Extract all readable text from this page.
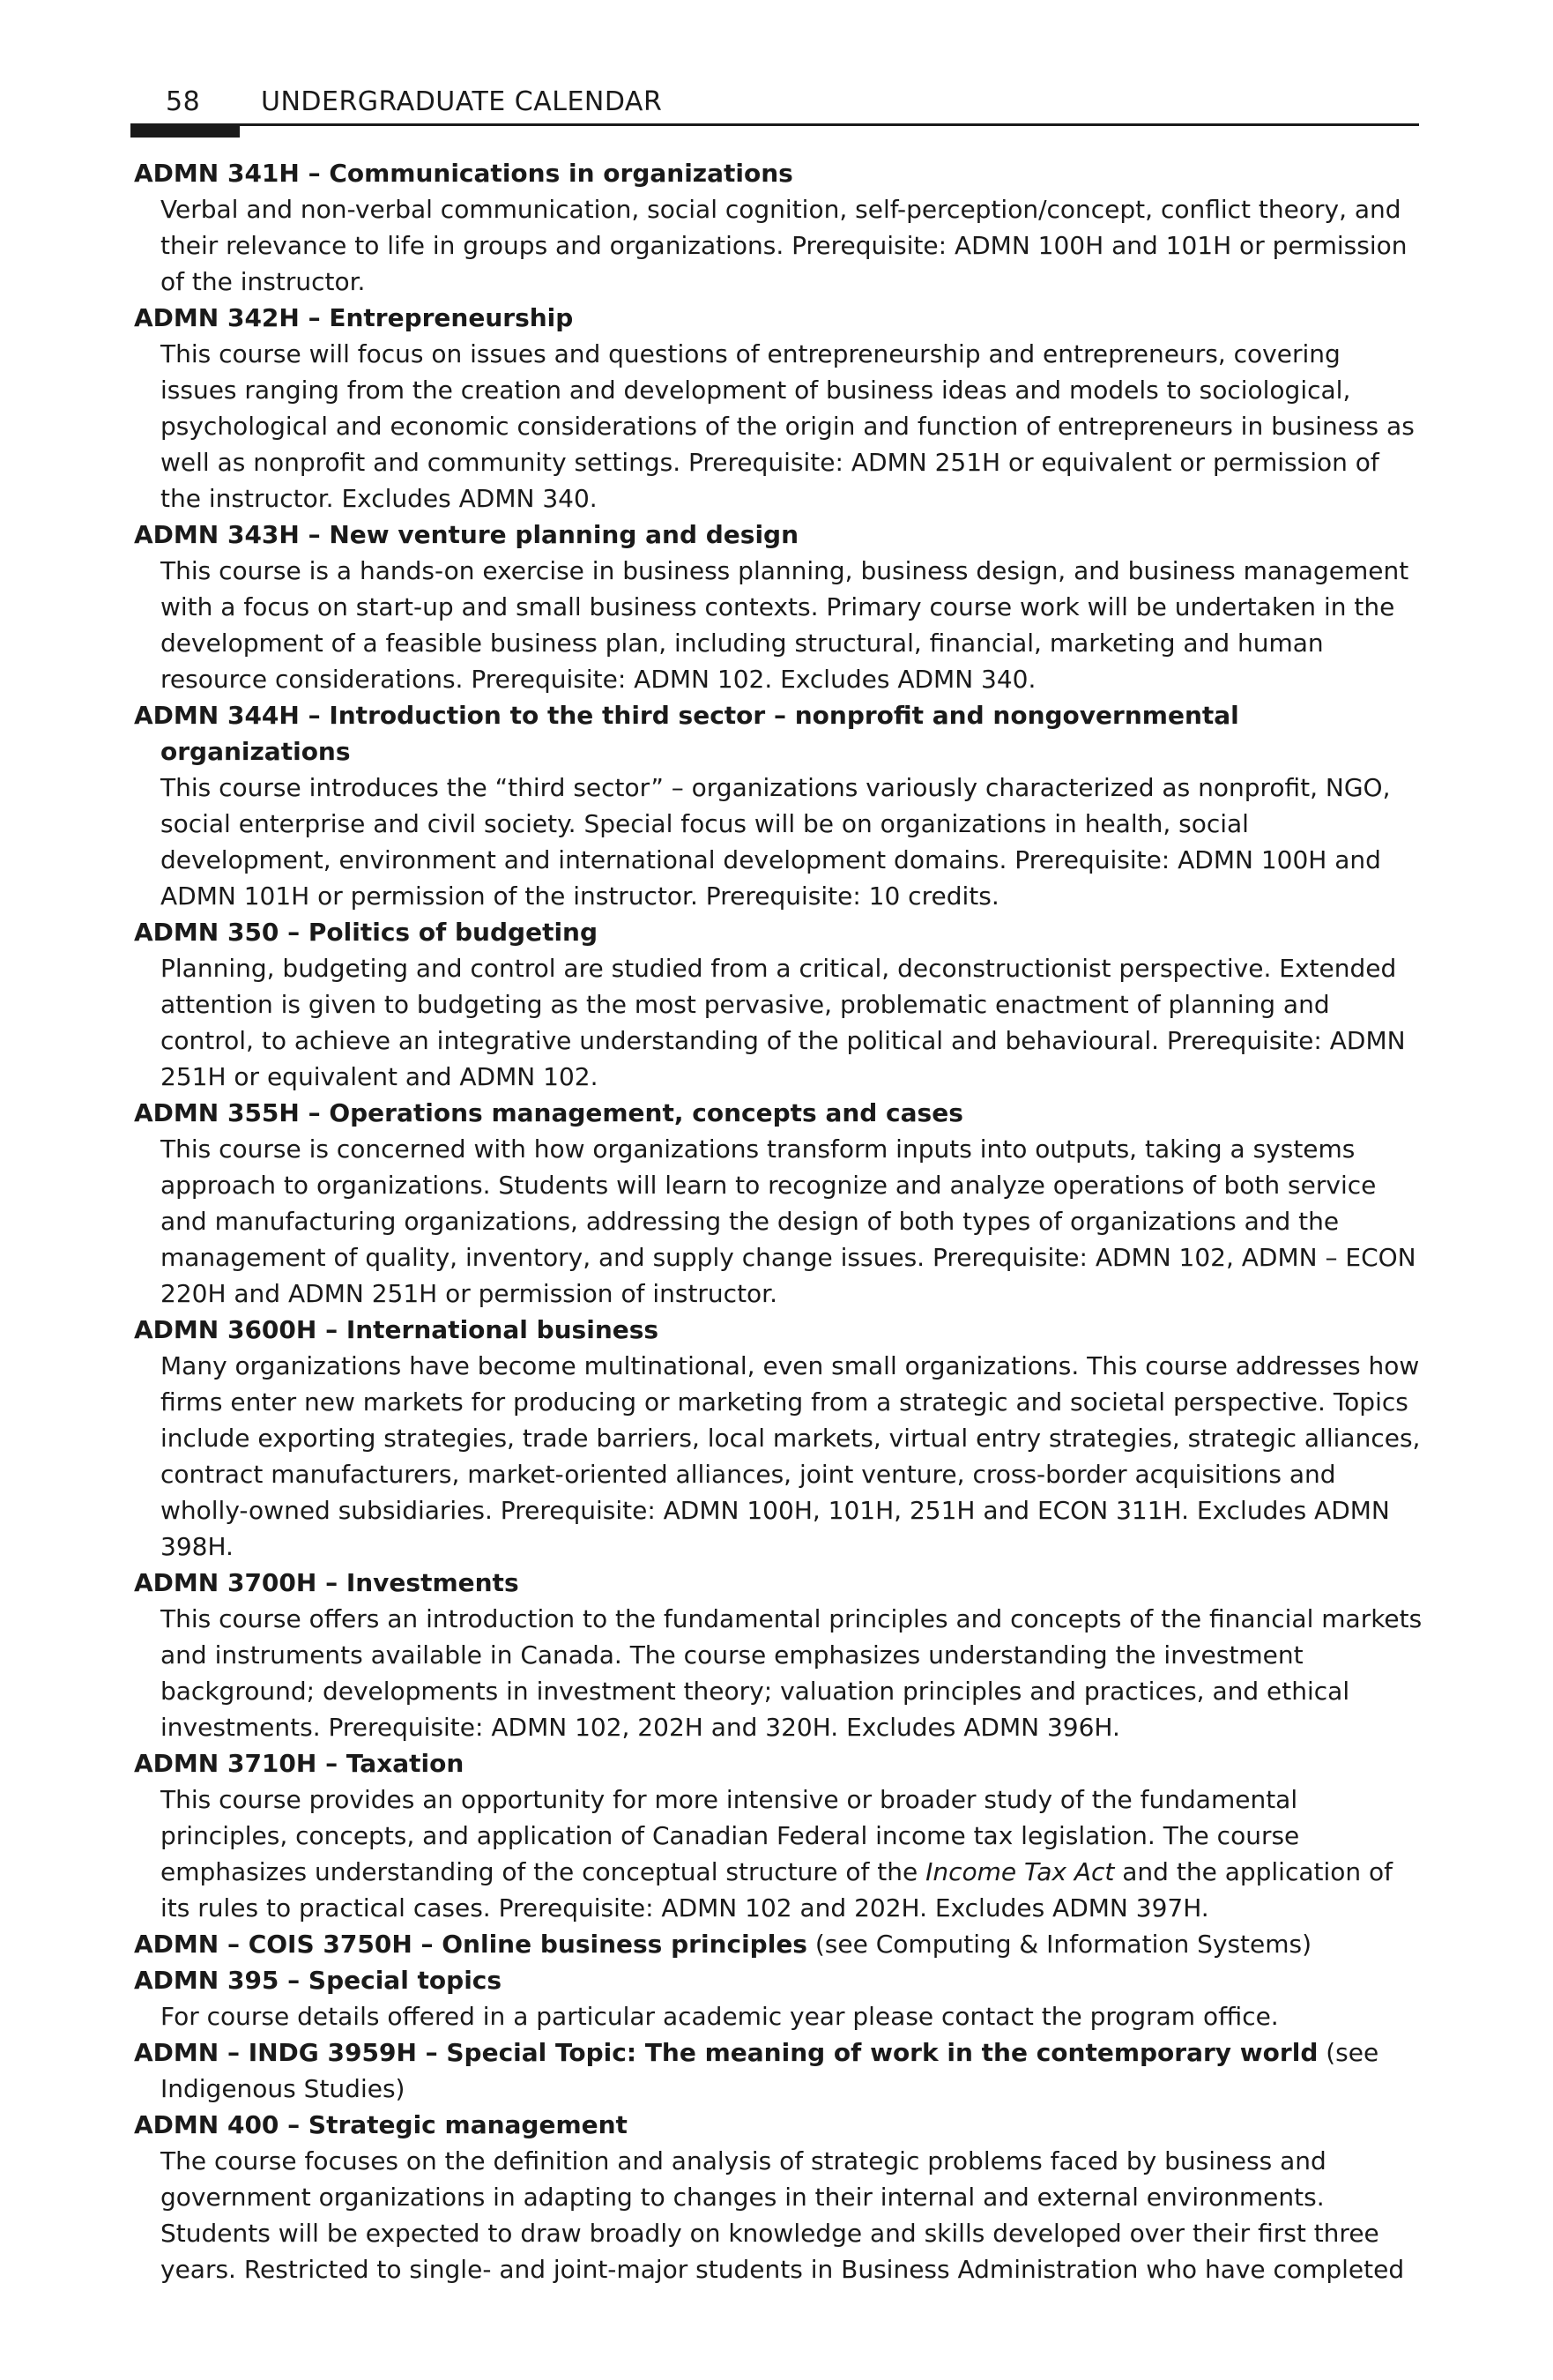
58 UNDERGRADUATE CALENDAR
ADMN 341H – Communications in organizations
Verbal and non-verbal communication, social cognition, self-perception/concept, conflict theory, and their relevance to life in groups and organizations. Prerequisite: ADMN 100H and 101H or permission of the instructor.
ADMN 342H – Entrepreneurship
This course will focus on issues and questions of entrepreneurship and entrepreneurs, covering issues ranging from the creation and development of business ideas and models to sociological, psychological and economic considerations of the origin and function of entrepreneurs in business as well as nonprofit and community settings. Prerequisite: ADMN 251H or equivalent or permission of the instructor. Excludes ADMN 340.
ADMN 343H – New venture planning and design
This course is a hands-on exercise in business planning, business design, and business management with a focus on start-up and small business contexts. Primary course work will be undertaken in the development of a feasible business plan, including structural, financial, marketing and human resource considerations. Prerequisite: ADMN 102. Excludes ADMN 340.
ADMN 344H – Introduction to the third sector – nonprofit and nongovernmental organizations
This course introduces the “third sector” – organizations variously characterized as nonprofit, NGO, social enterprise and civil society. Special focus will be on organizations in health, social development, environment and international development domains. Prerequisite: ADMN 100H and ADMN 101H or permission of the instructor. Prerequisite: 10 credits.
ADMN 350 – Politics of budgeting
Planning, budgeting and control are studied from a critical, deconstructionist perspective. Extended attention is given to budgeting as the most pervasive, problematic enactment of planning and control, to achieve an integrative understanding of the political and behavioural. Prerequisite: ADMN 251H or equivalent and ADMN 102.
ADMN 355H – Operations management, concepts and cases
This course is concerned with how organizations transform inputs into outputs, taking a systems approach to organizations. Students will learn to recognize and analyze operations of both service and manufacturing organizations, addressing the design of both types of organizations and the management of quality, inventory, and supply change issues. Prerequisite: ADMN 102, ADMN – ECON 220H and ADMN 251H or permission of instructor.
ADMN 3600H – International business
Many organizations have become multinational, even small organizations. This course addresses how firms enter new markets for producing or marketing from a strategic and societal perspective. Topics include exporting strategies, trade barriers, local markets, virtual entry strategies, strategic alliances, contract manufacturers, market-oriented alliances, joint venture, cross-border acquisitions and wholly-owned subsidiaries. Prerequisite: ADMN 100H, 101H, 251H and ECON 311H. Excludes ADMN 398H.
ADMN 3700H – Investments
This course offers an introduction to the fundamental principles and concepts of the financial markets and instruments available in Canada. The course emphasizes understanding the investment background; developments in investment theory; valuation principles and practices, and ethical investments. Prerequisite: ADMN 102, 202H and 320H. Excludes ADMN 396H.
ADMN 3710H – Taxation
This course provides an opportunity for more intensive or broader study of the fundamental principles, concepts, and application of Canadian Federal income tax legislation. The course emphasizes understanding of the conceptual structure of the Income Tax Act and the application of its rules to practical cases. Prerequisite: ADMN 102 and 202H. Excludes ADMN 397H.
ADMN – COIS 3750H – Online business principles (see Computing & Information Systems)
ADMN 395 – Special topics
For course details offered in a particular academic year please contact the program office.
ADMN – INDG 3959H – Special Topic: The meaning of work in the contemporary world (see Indigenous Studies)
ADMN 400 – Strategic management
The course focuses on the definition and analysis of strategic problems faced by business and government organizations in adapting to changes in their internal and external environments. Students will be expected to draw broadly on knowledge and skills developed over their first three years. Restricted to single- and joint-major students in Business Administration who have completed
